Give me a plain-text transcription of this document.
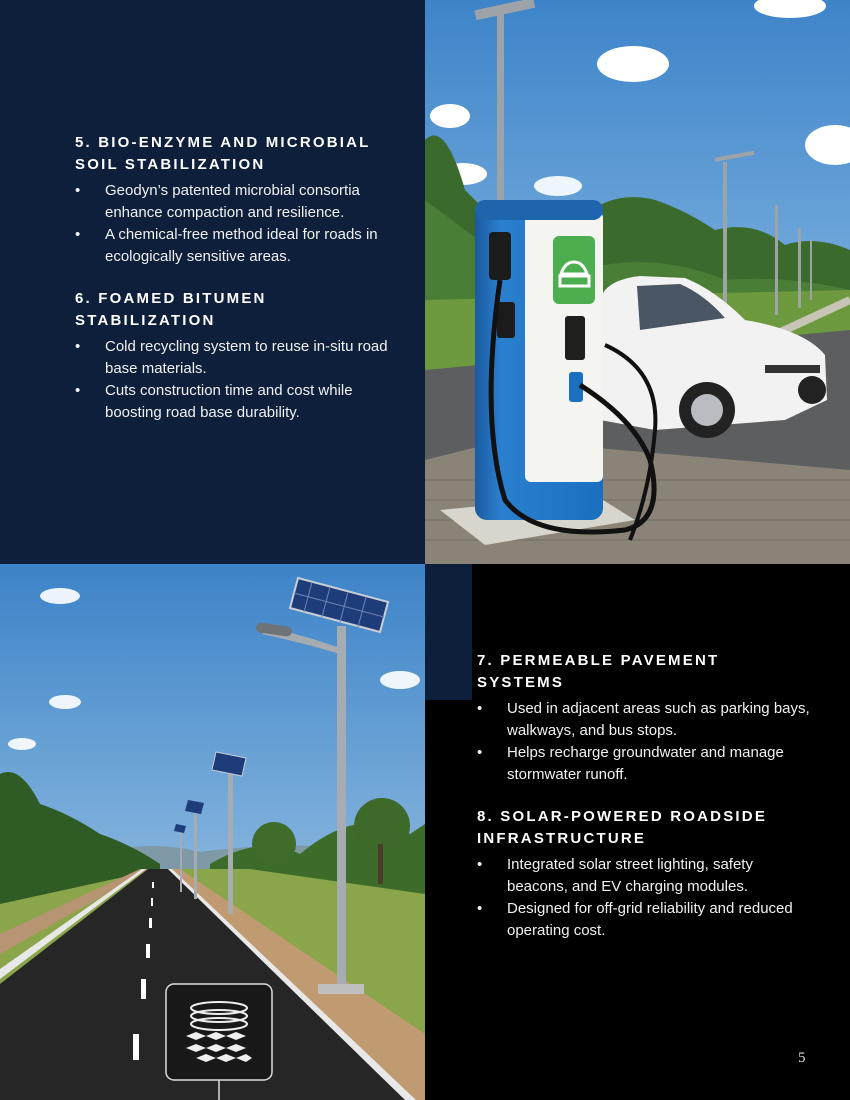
5. BIO-ENZYME AND MICROBIAL SOIL STABILIZATION
• Geodyn’s patented microbial consortia enhance compaction and resilience.
• A chemical-free method ideal for roads in ecologically sensitive areas.
6. FOAMED BITUMEN STABILIZATION
• Cold recycling system to reuse in-situ road base materials.
• Cuts construction time and cost while boosting road base durability.
7. PERMEABLE PAVEMENT SYSTEMS
• Used in adjacent areas such as parking bays, walkways, and bus stops.
• Helps recharge groundwater and manage stormwater runoff.
8. SOLAR-POWERED ROADSIDE INFRASTRUCTURE
• Integrated solar street lighting, safety beacons, and EV charging modules.
• Designed for off-grid reliability and reduced operating cost.
5
